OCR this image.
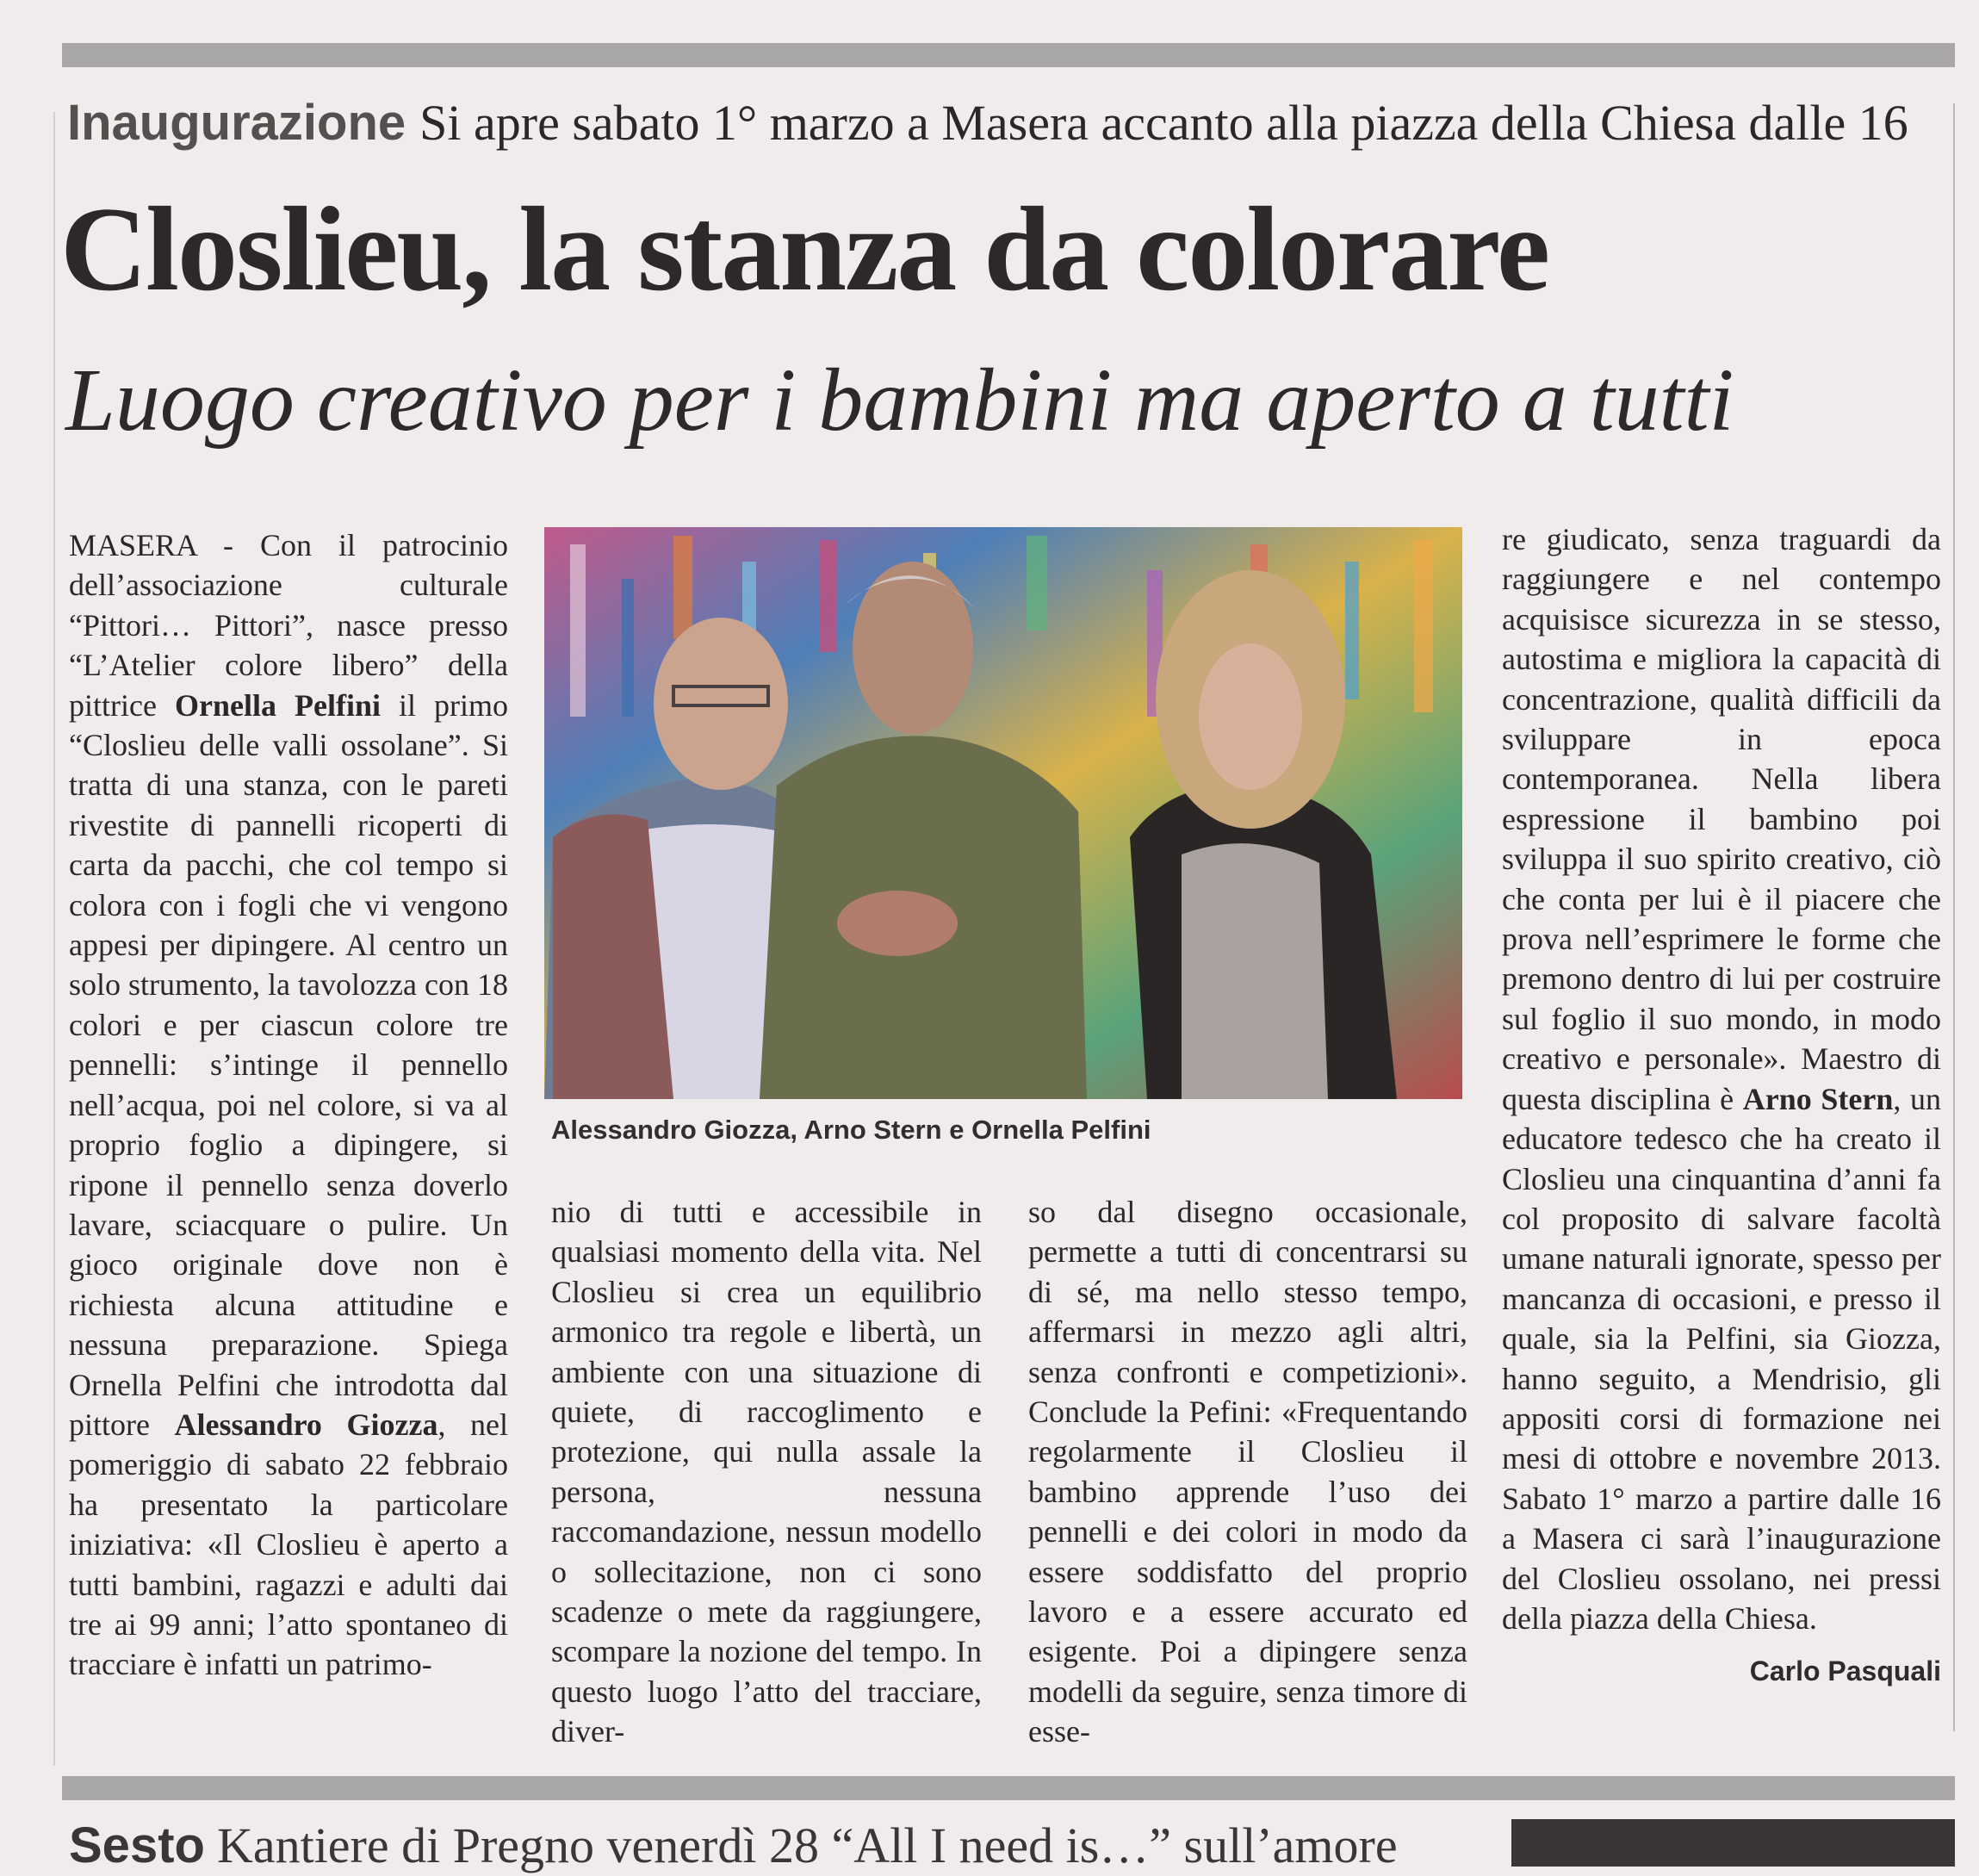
Inaugurazione Si apre sabato 1° marzo a Masera accanto alla piazza della Chiesa dalle 16
Closlieu, la stanza da colorare
Luogo creativo per i bambini ma aperto a tutti

MASERA - Con il patrocinio dell’associazione culturale “Pittori… Pittori”, nasce presso “L’Atelier colore libero” della pittrice Ornella Pelfini il primo “Closlieu delle valli ossolane”. Si tratta di una stanza, con le pareti rivestite di pannelli ricoperti di carta da pacchi, che col tempo si colora con i fogli che vi vengono appesi per dipingere. Al centro un solo strumento, la tavolozza con 18 colori e per ciascun colore tre pennelli: s’intinge il pennello nell’acqua, poi nel colore, si va al proprio foglio a dipingere, si ripone il pennello senza doverlo lavare, sciacquare o pulire. Un gioco originale dove non è richiesta alcuna attitudine e nessuna preparazione. Spiega Ornella Pelfini che introdotta dal pittore Alessandro Giozza, nel pomeriggio di sabato 22 febbraio ha presentato la particolare iniziativa: «Il Closlieu è aperto a tutti bambini, ragazzi e adulti dai tre ai 99 anni; l’atto spontaneo di tracciare è infatti un patrimo-

Alessandro Giozza, Arno Stern e Ornella Pelfini

nio di tutti e accessibile in qualsiasi momento della vita. Nel Closlieu si crea un equilibrio armonico tra regole e libertà, un ambiente con una situazione di quiete, di raccoglimento e protezione, qui nulla assale la persona, nessuna raccomandazione, nessun modello o sollecitazione, non ci sono scadenze o mete da raggiungere, scompare la nozione del tempo. In questo luogo l’atto del tracciare, diver-

so dal disegno occasionale, permette a tutti di concentrarsi su di sé, ma nello stesso tempo, affermarsi in mezzo agli altri, senza confronti e competizioni». Conclude la Pefini: «Frequentando regolarmente il Closlieu il bambino apprende l’uso dei pennelli e dei colori in modo da essere soddisfatto del proprio lavoro e a essere accurato ed esigente. Poi a dipingere senza modelli da seguire, senza timore di esse-

re giudicato, senza traguardi da raggiungere e nel contempo acquisisce sicurezza in se stesso, autostima e migliora la capacità di concentrazione, qualità difficili da sviluppare in epoca contemporanea. Nella libera espressione il bambino poi sviluppa il suo spirito creativo, ciò che conta per lui è il piacere che prova nell’esprimere le forme che premono dentro di lui per costruire sul foglio il suo mondo, in modo creativo e personale». Maestro di questa disciplina è Arno Stern, un educatore tedesco che ha creato il Closlieu una cinquantina d’anni fa col proposito di salvare facoltà umane naturali ignorate, spesso per mancanza di occasioni, e presso il quale, sia la Pelfini, sia Giozza, hanno seguito, a Mendrisio, gli appositi corsi di formazione nei mesi di ottobre e novembre 2013. Sabato 1° marzo a partire dalle 16 a Masera ci sarà l’inaugurazione del Closlieu ossolano, nei pressi della piazza della Chiesa.

Carlo Pasquali

Sesto Kantiere di Pregno venerdì 28 “All I need is…” sull’amore
